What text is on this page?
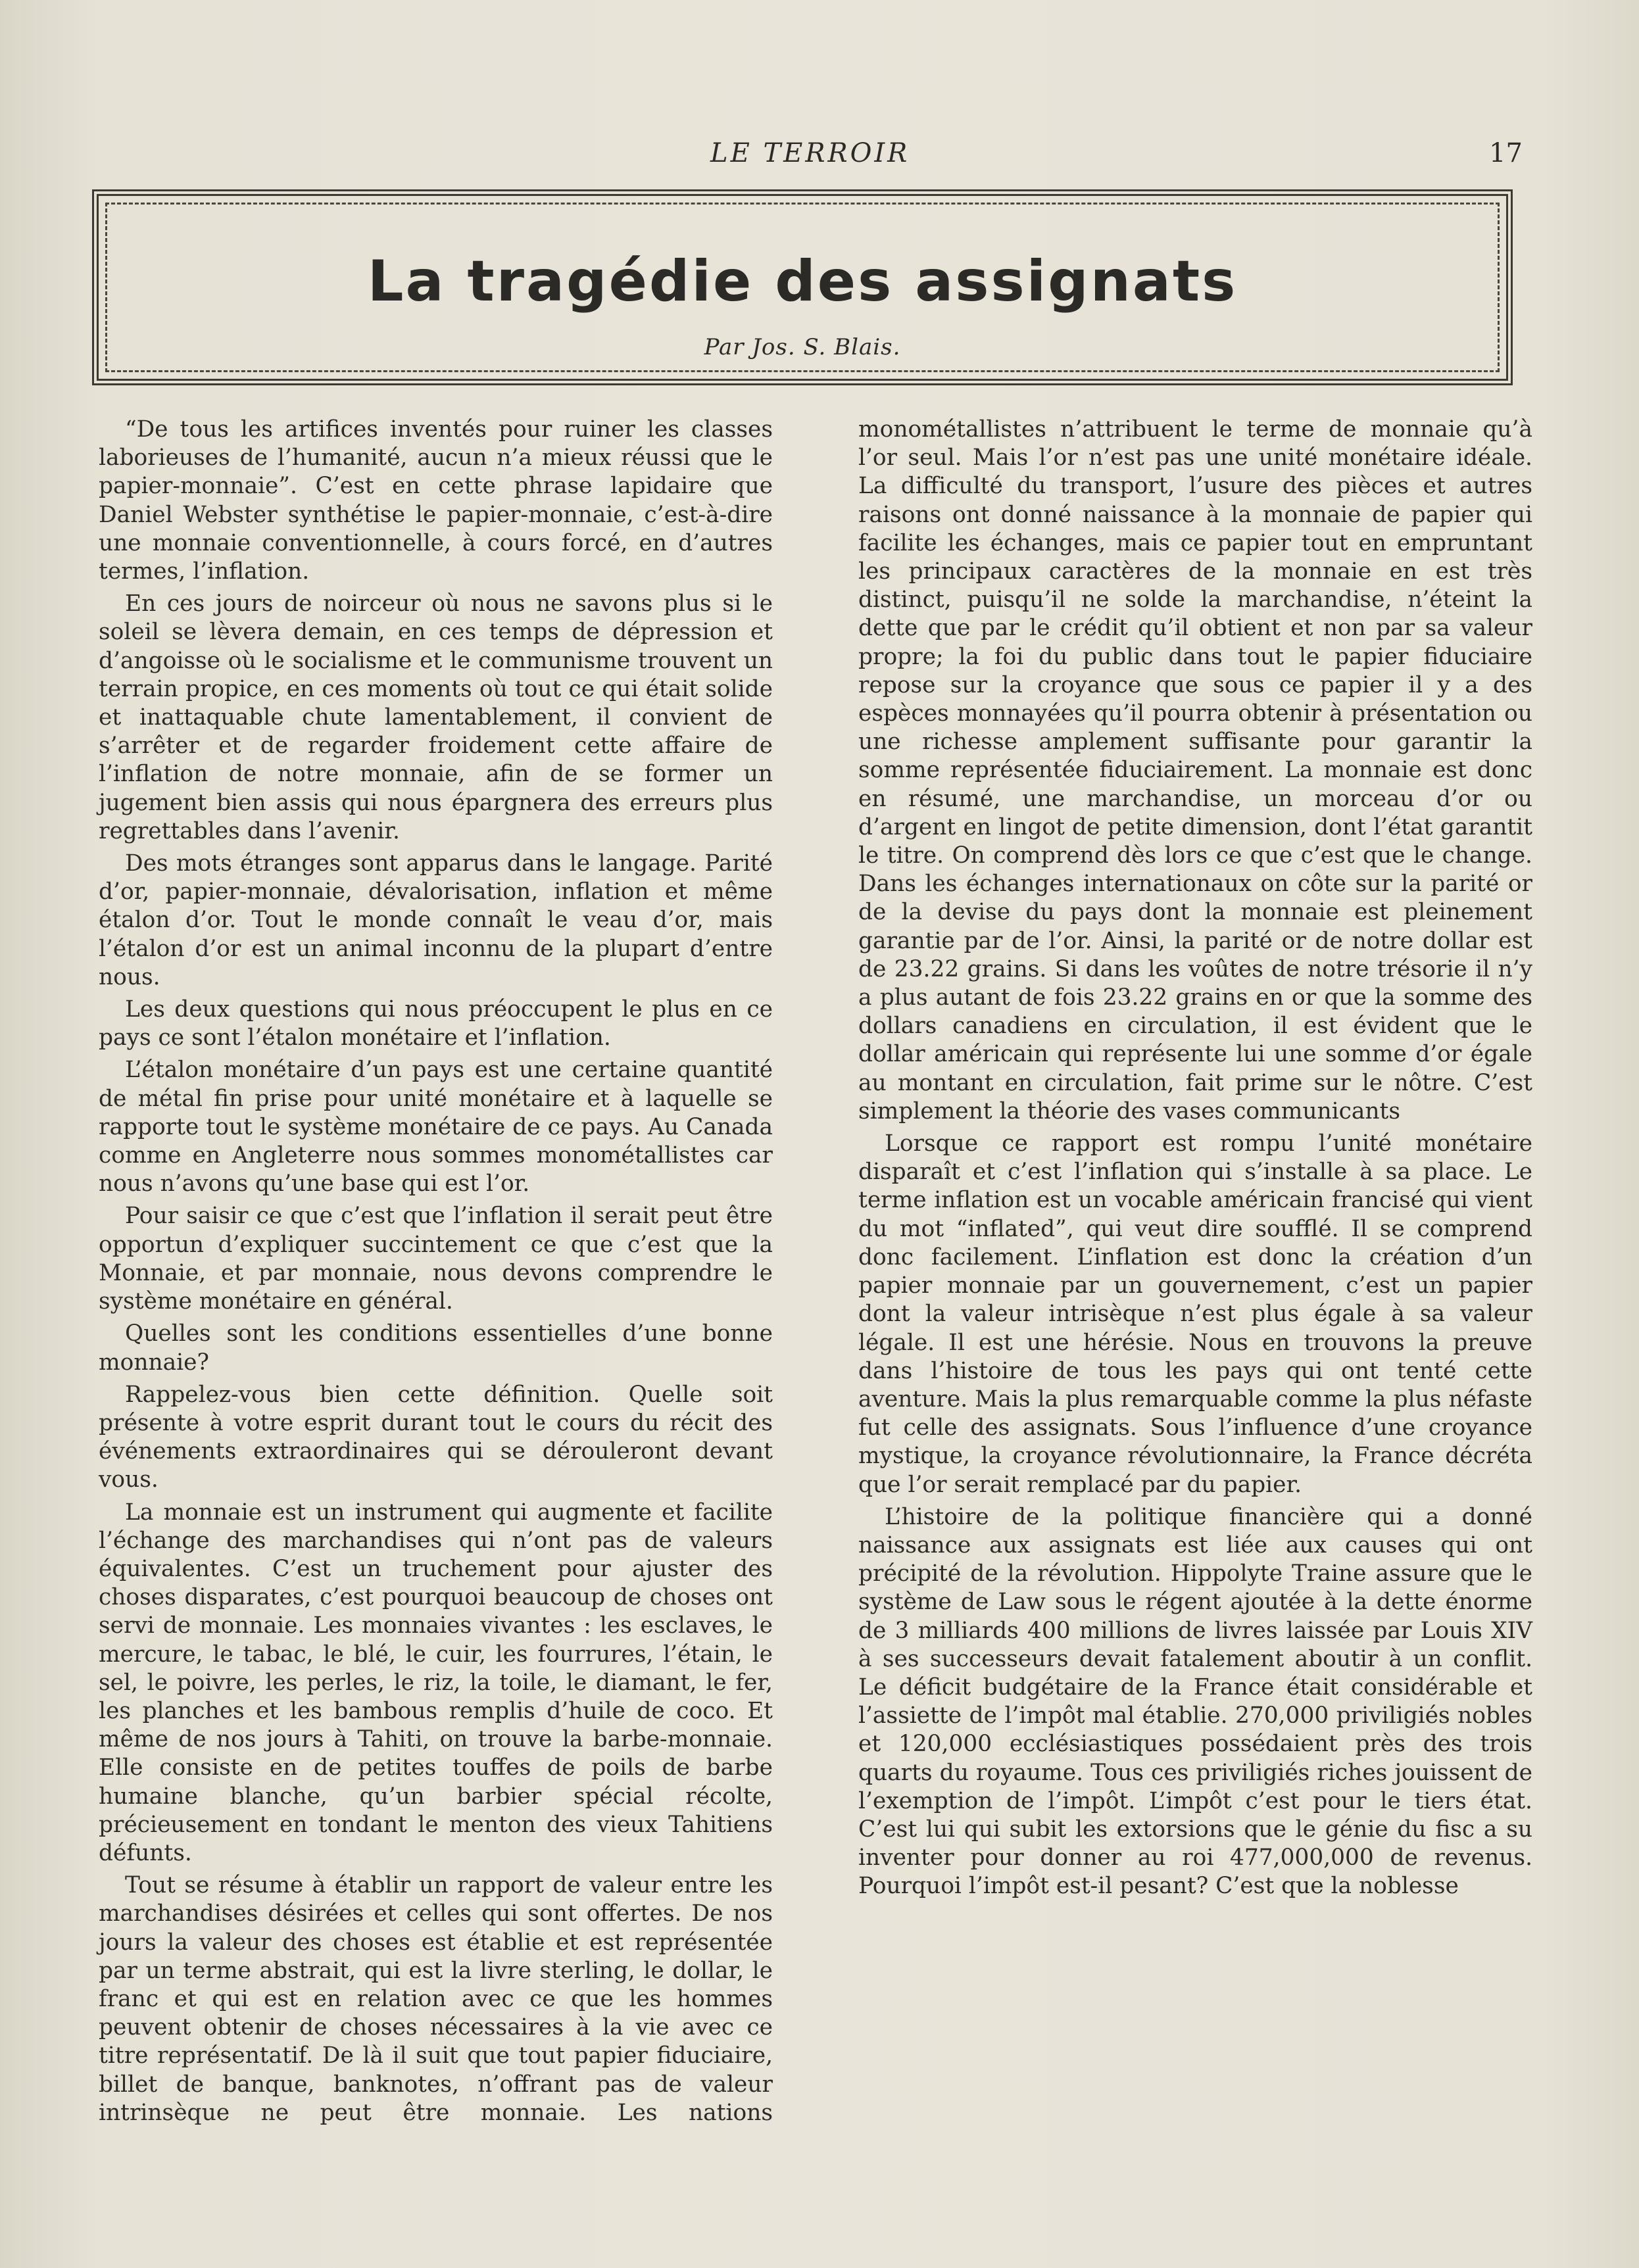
LE TERROIR	17
La tragédie des assignats
Par Jos. S. Blais.

“De tous les artifices inventés pour ruiner les classes laborieuses de l’humanité, aucun n’a mieux réussi que le papier-monnaie”. C’est en cette phrase lapidaire que Daniel Webster synthétise le papier-monnaie, c’est-à-dire une monnaie conventionnelle, à cours forcé, en d’autres termes, l’inflation.

En ces jours de noirceur où nous ne savons plus si le soleil se lèvera demain, en ces temps de dépression et d’angoisse où le socialisme et le communisme trouvent un terrain propice, en ces moments où tout ce qui était solide et inattaquable chute lamentablement, il convient de s’arrêter et de regarder froidement cette affaire de l’inflation de notre monnaie, afin de se former un jugement bien assis qui nous épargnera des erreurs plus regrettables dans l’avenir.

Des mots étranges sont apparus dans le langage. Parité d’or, papier-monnaie, dévalorisation, inflation et même étalon d’or. Tout le monde connaît le veau d’or, mais l’étalon d’or est un animal inconnu de la plupart d’entre nous.

Les deux questions qui nous préoccupent le plus en ce pays ce sont l’étalon monétaire et l’inflation.

L’étalon monétaire d’un pays est une certaine quantité de métal fin prise pour unité monétaire et à laquelle se rapporte tout le système monétaire de ce pays. Au Canada comme en Angleterre nous sommes monométallistes car nous n’avons qu’une base qui est l’or.

Pour saisir ce que c’est que l’inflation il serait peut être opportun d’expliquer succintement ce que c’est que la Monnaie, et par monnaie, nous devons comprendre le système monétaire en général.

Quelles sont les conditions essentielles d’une bonne monnaie?

Rappelez-vous bien cette définition. Quelle soit présente à votre esprit durant tout le cours du récit des événements extraordinaires qui se dérouleront devant vous.

La monnaie est un instrument qui augmente et facilite l’échange des marchandises qui n’ont pas de valeurs équivalentes. C’est un truchement pour ajuster des choses disparates, c’est pourquoi beaucoup de choses ont servi de monnaie. Les monnaies vivantes : les esclaves, le mercure, le tabac, le blé, le cuir, les fourrures, l’étain, le sel, le poivre, les perles, le riz, la toile, le diamant, le fer, les planches et les bambous remplis d’huile de coco. Et même de nos jours à Tahiti, on trouve la barbe-monnaie. Elle consiste en de petites touffes de poils de barbe humaine blanche, qu’un barbier spécial récolte, précieusement en tondant le menton des vieux Tahitiens défunts.

Tout se résume à établir un rapport de valeur entre les marchandises désirées et celles qui sont offertes. De nos jours la valeur des choses est établie et est représentée par un terme abstrait, qui est la livre sterling, le dollar, le franc et qui est en relation avec ce que les hommes peuvent obtenir de choses nécessaires à la vie avec ce titre représentatif. De là il suit que tout papier fiduciaire, billet de banque, banknotes, n’offrant pas de valeur intrinsèque ne peut être monnaie. Les nations monométallistes n’attribuent le terme de monnaie qu’à l’or seul. Mais l’or n’est pas une unité monétaire idéale. La difficulté du transport, l’usure des pièces et autres raisons ont donné naissance à la monnaie de papier qui facilite les échanges, mais ce papier tout en empruntant les principaux caractères de la monnaie en est très distinct, puisqu’il ne solde la marchandise, n’éteint la dette que par le crédit qu’il obtient et non par sa valeur propre; la foi du public dans tout le papier fiduciaire repose sur la croyance que sous ce papier il y a des espèces monnayées qu’il pourra obtenir à présentation ou une richesse amplement suffisante pour garantir la somme représentée fiduciairement. La monnaie est donc en résumé, une marchandise, un morceau d’or ou d’argent en lingot de petite dimension, dont l’état garantit le titre. On comprend dès lors ce que c’est que le change. Dans les échanges internationaux on côte sur la parité or de la devise du pays dont la monnaie est pleinement garantie par de l’or. Ainsi, la parité or de notre dollar est de 23.22 grains. Si dans les voûtes de notre trésorie il n’y a plus autant de fois 23.22 grains en or que la somme des dollars canadiens en circulation, il est évident que le dollar américain qui représente lui une somme d’or égale au montant en circulation, fait prime sur le nôtre. C’est simplement la théorie des vases communicants

Lorsque ce rapport est rompu l’unité monétaire disparaît et c’est l’inflation qui s’installe à sa place. Le terme inflation est un vocable américain francisé qui vient du mot “inflated”, qui veut dire soufflé. Il se comprend donc facilement. L’inflation est donc la création d’un papier monnaie par un gouvernement, c’est un papier dont la valeur intrisèque n’est plus égale à sa valeur légale. Il est une hérésie. Nous en trouvons la preuve dans l’histoire de tous les pays qui ont tenté cette aventure. Mais la plus remarquable comme la plus néfaste fut celle des assignats. Sous l’influence d’une croyance mystique, la croyance révolutionnaire, la France décréta que l’or serait remplacé par du papier.

L’histoire de la politique financière qui a donné naissance aux assignats est liée aux causes qui ont précipité de la révolution. Hippolyte Traine assure que le système de Law sous le régent ajoutée à la dette énorme de 3 milliards 400 millions de livres laissée par Louis XIV à ses successeurs devait fatalement aboutir à un conflit. Le déficit budgétaire de la France était considérable et l’assiette de l’impôt mal établie. 270,000 priviligiés nobles et 120,000 ecclésiastiques possédaient près des trois quarts du royaume. Tous ces priviligiés riches jouissent de l’exemption de l’impôt. L’impôt c’est pour le tiers état. C’est lui qui subit les extorsions que le génie du fisc a su inventer pour donner au roi 477,000,000 de revenus. Pourquoi l’impôt est-il pesant? C’est que la noblesse
